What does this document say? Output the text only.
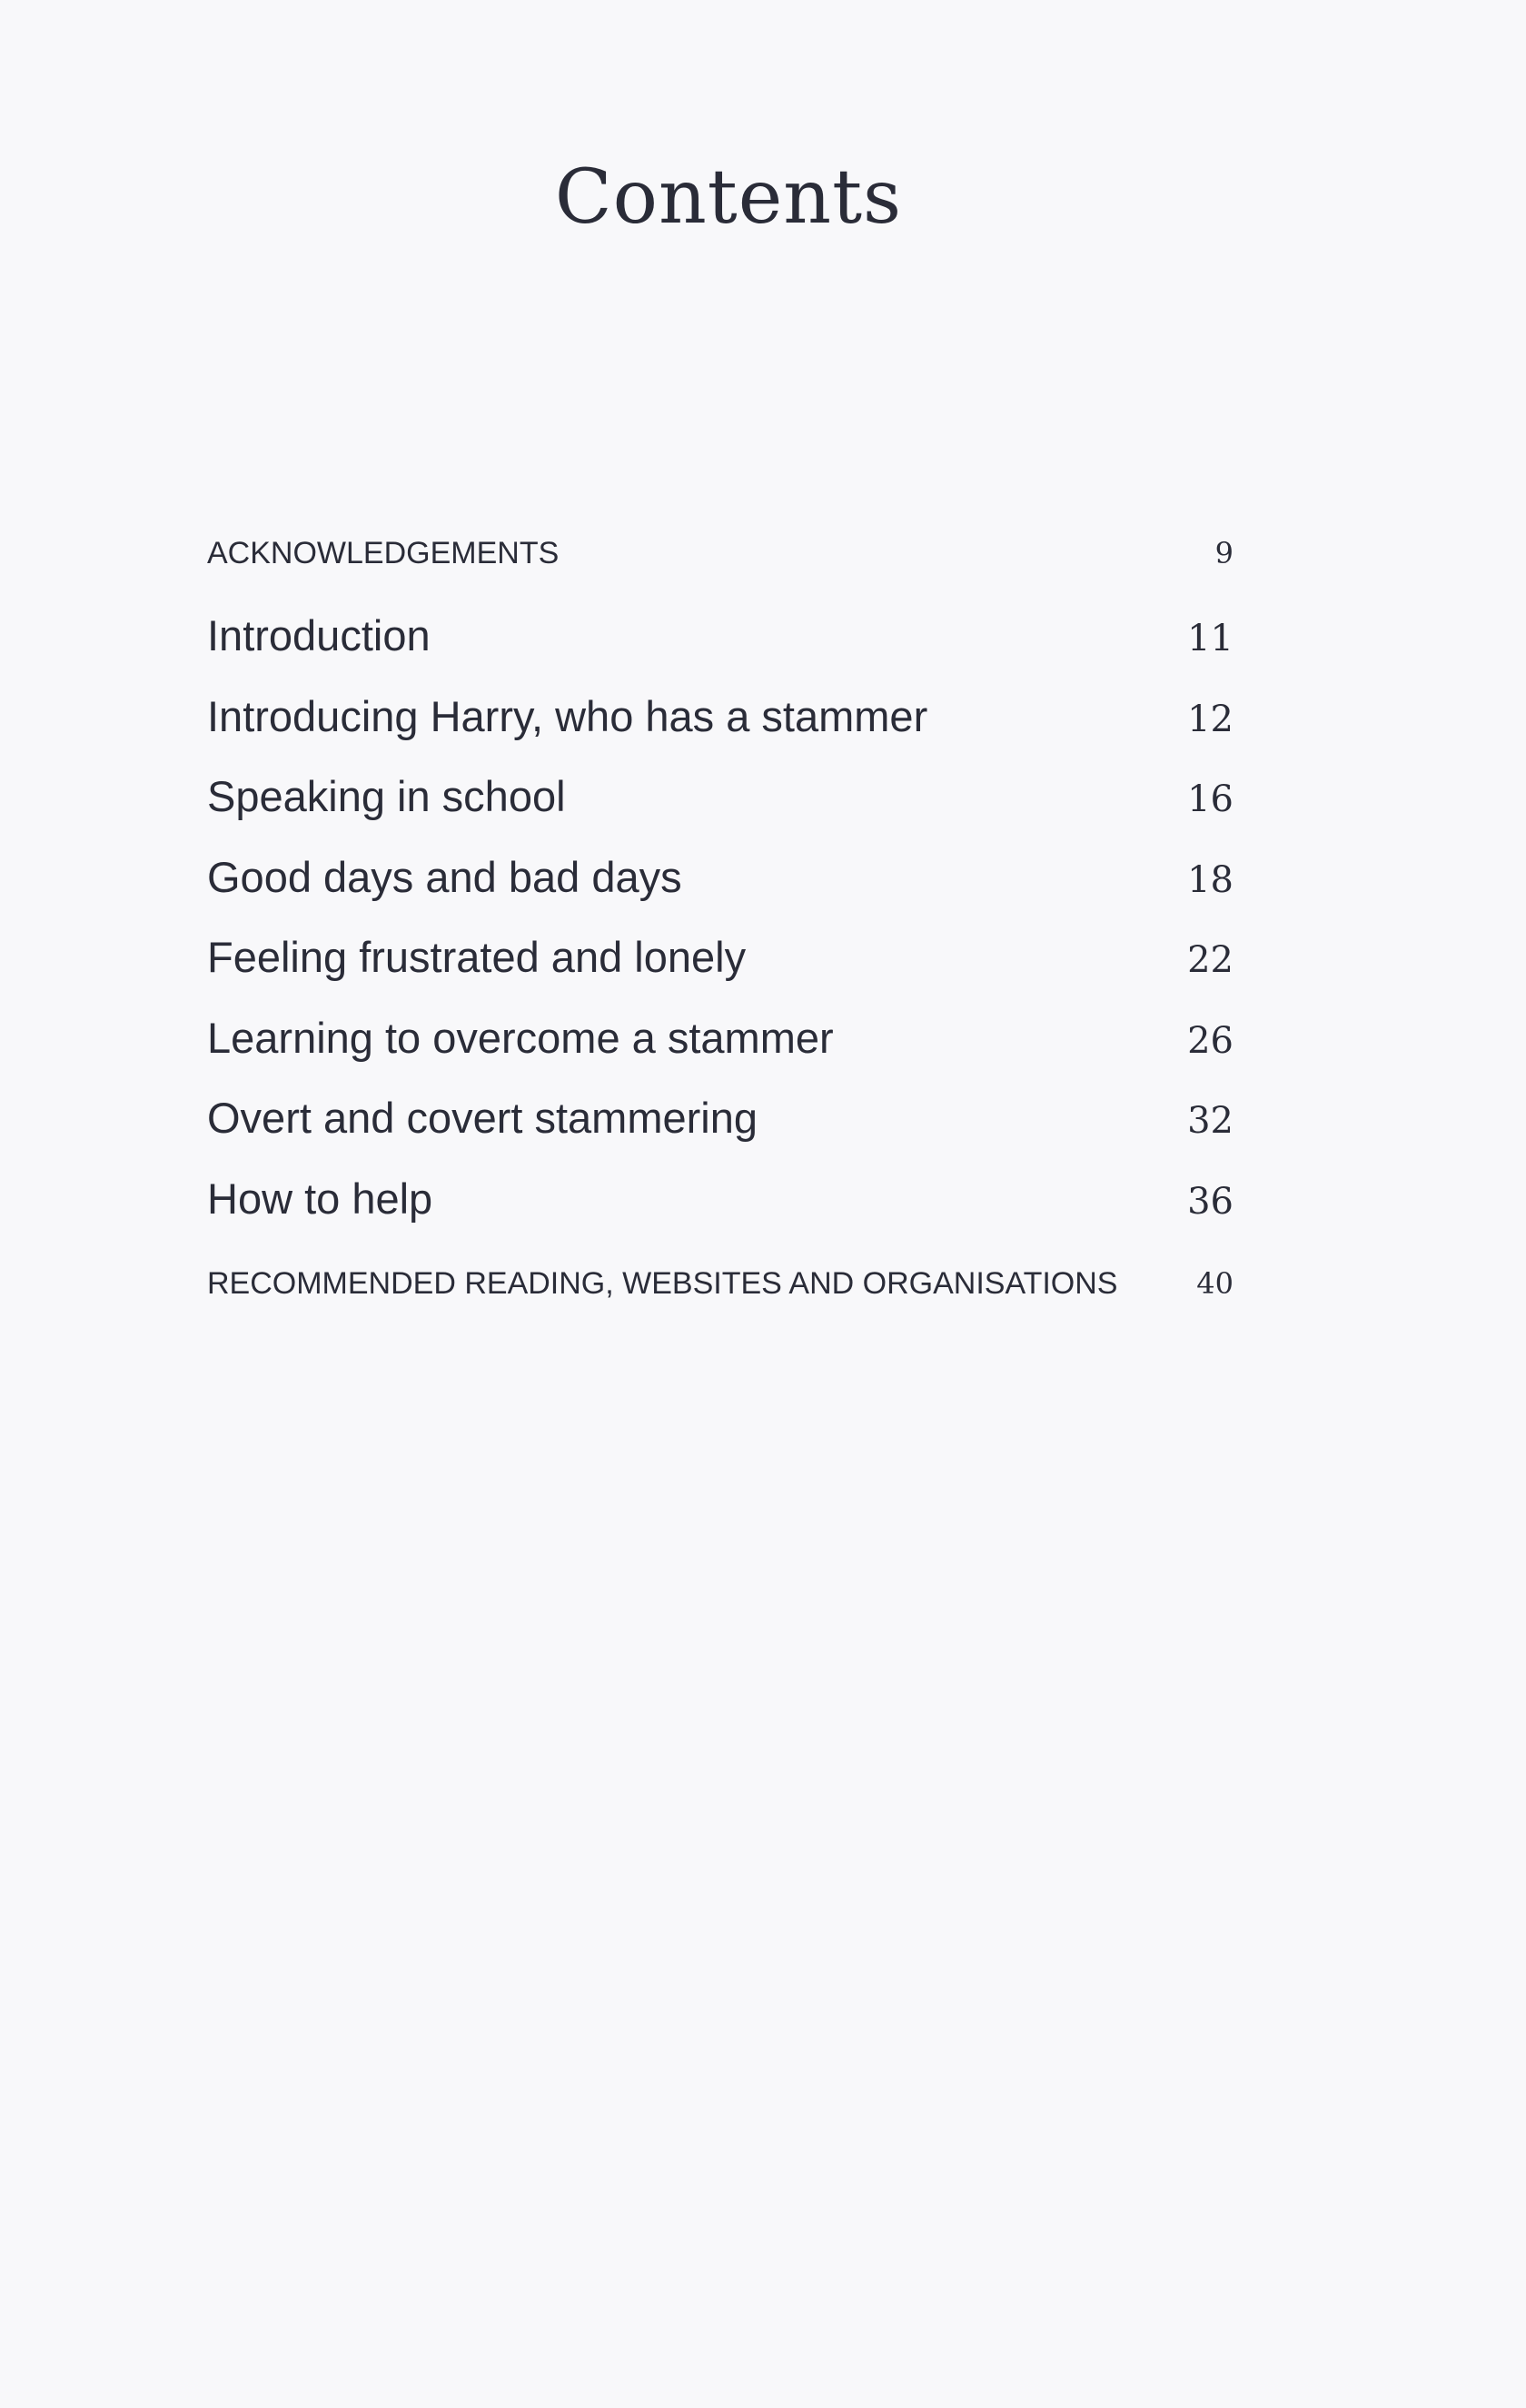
Contents
ACKNOWLEDGEMENTS	9
Introduction	11
Introducing Harry, who has a stammer	12
Speaking in school	16
Good days and bad days	18
Feeling frustrated and lonely	22
Learning to overcome a stammer	26
Overt and covert stammering	32
How to help	36
RECOMMENDED READING, WEBSITES AND ORGANISATIONS	40
